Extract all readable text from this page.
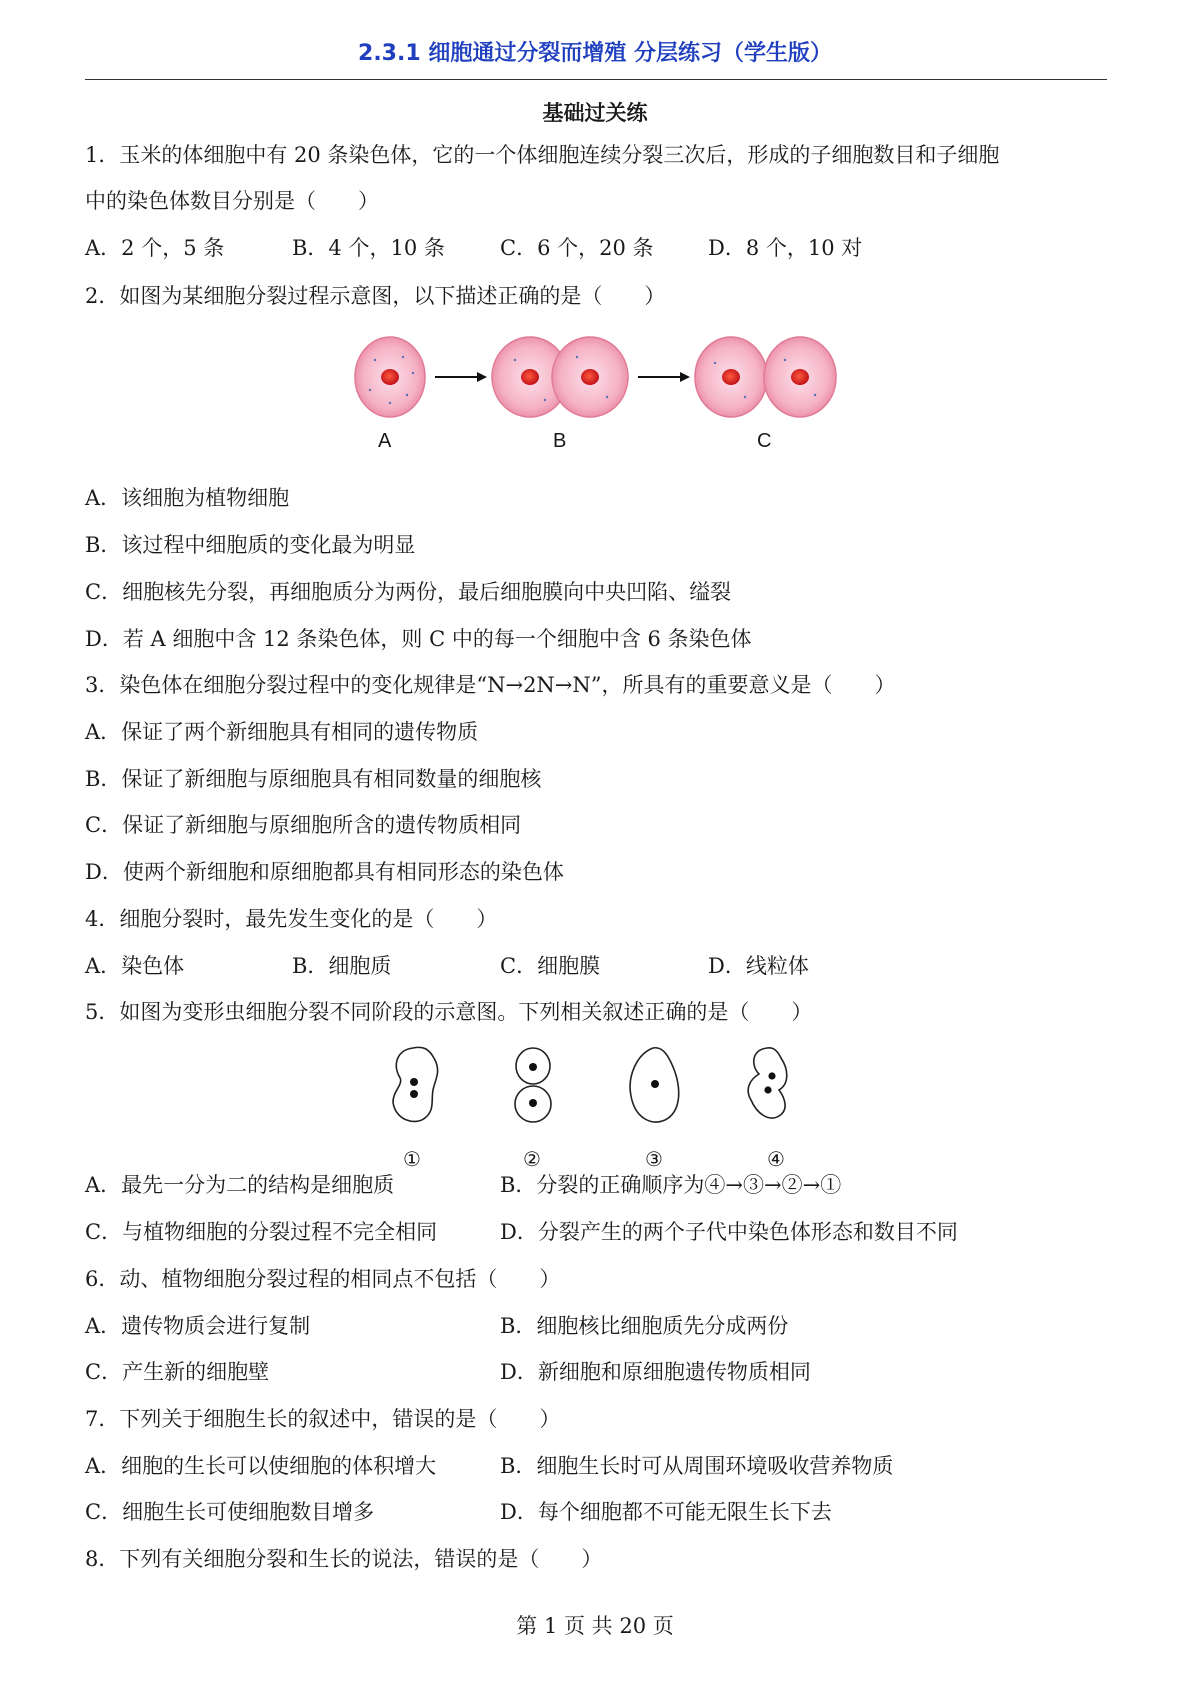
2.3.1 细胞通过分裂而增殖 分层练习（学生版）
基础过关练
1．玉米的体细胞中有 20 条染色体，它的一个体细胞连续分裂三次后，形成的子细胞数目和子细胞
中的染色体数目分别是（　　）
A．2 个，5 条	B．4 个，10 条	C．6 个，20 条	D．8 个，10 对
2．如图为某细胞分裂过程示意图，以下描述正确的是（　　）
A	B	C
A．该细胞为植物细胞
B．该过程中细胞质的变化最为明显
C．细胞核先分裂，再细胞质分为两份，最后细胞膜向中央凹陷、缢裂
D．若 A 细胞中含 12 条染色体，则 C 中的每一个细胞中含 6 条染色体
3．染色体在细胞分裂过程中的变化规律是“N→2N→N”，所具有的重要意义是（　　）
A．保证了两个新细胞具有相同的遗传物质
B．保证了新细胞与原细胞具有相同数量的细胞核
C．保证了新细胞与原细胞所含的遗传物质相同
D．使两个新细胞和原细胞都具有相同形态的染色体
4．细胞分裂时，最先发生变化的是（　　）
A．染色体	B．细胞质	C．细胞膜	D．线粒体
5．如图为变形虫细胞分裂不同阶段的示意图。下列相关叙述正确的是（　　）
①	②	③	④
A．最先一分为二的结构是细胞质	B．分裂的正确顺序为④→③→②→①
C．与植物细胞的分裂过程不完全相同	D．分裂产生的两个子代中染色体形态和数目不同
6．动、植物细胞分裂过程的相同点不包括（　　）
A．遗传物质会进行复制	B．细胞核比细胞质先分成两份
C．产生新的细胞壁	D．新细胞和原细胞遗传物质相同
7．下列关于细胞生长的叙述中，错误的是（　　）
A．细胞的生长可以使细胞的体积增大	B．细胞生长时可从周围环境吸收营养物质
C．细胞生长可使细胞数目增多	D．每个细胞都不可能无限生长下去
8．下列有关细胞分裂和生长的说法，错误的是（　　）
第 1 页 共 20 页
